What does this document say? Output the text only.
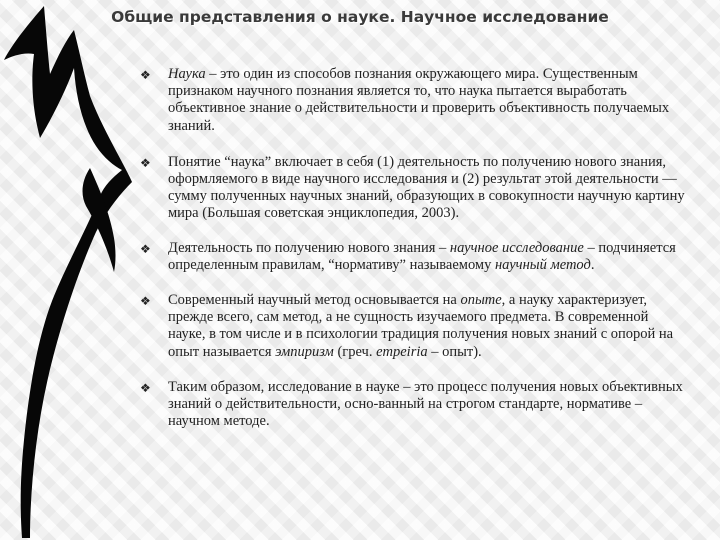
Общие представления о науке. Научное исследование
❖ Наука – это один из способов познания окружающего мира. Существенным признаком научного познания является то, что наука пытается выработать объективное знание о действительности и проверить объективность получаемых знаний.

❖ Понятие “наука” включает в себя (1) деятельность по получению нового знания, оформляемого в виде научного исследования и (2) результат этой деятельности — сумму полученных научных знаний, образующих в совокупности научную картину мира (Большая советская энциклопедия, 2003).

❖ Деятельность по получению нового знания – научное исследование – подчиняется определенным правилам, “нормативу” называемому научный метод.

❖ Современный научный метод основывается на опыте, а науку характеризует, прежде всего, сам метод, а не сущность изучаемого предмета. В современной науке, в том числе и в психологии традиция получения новых знаний с опорой на опыт называется эмпиризм (греч. empeiria – опыт).

❖ Таким образом, исследование в науке – это процесс получения новых объективных знаний о действительности, осно-ванный на строгом стандарте, нормативе – научном методе.
